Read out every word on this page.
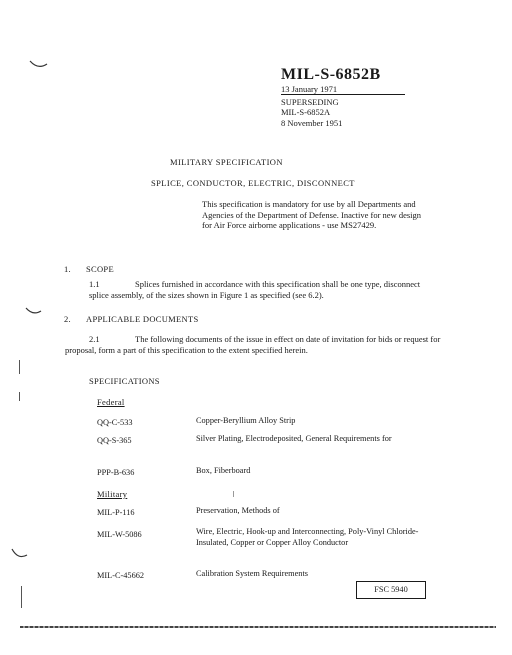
MIL-S-6852B
13 January 1971
SUPERSEDING
MIL-S-6852A
8 November 1951
MILITARY SPECIFICATION
SPLICE, CONDUCTOR, ELECTRIC, DISCONNECT
This specification is mandatory for use by all Departments and Agencies of the Department of Defense. Inactive for new design for Air Force airborne applications - use MS27429.
1. SCOPE
1.1	Splices furnished in accordance with this specification shall be one type, disconnect splice assembly, of the sizes shown in Figure 1 as specified (see 6.2).
2. APPLICABLE DOCUMENTS
2.1	The following documents of the issue in effect on date of invitation for bids or request for proposal, form a part of this specification to the extent specified herein.
SPECIFICATIONS
Federal
QQ-C-533	Copper-Beryllium Alloy Strip
QQ-S-365	Silver Plating, Electrodeposited, General Requirements for
PPP-B-636	Box, Fiberboard
Military
MIL-P-116	Preservation, Methods of
MIL-W-5086	Wire, Electric, Hook-up and Interconnecting, Poly-Vinyl Chloride-Insulated, Copper or Copper Alloy Conductor
MIL-C-45662	Calibration System Requirements
FSC 5940
